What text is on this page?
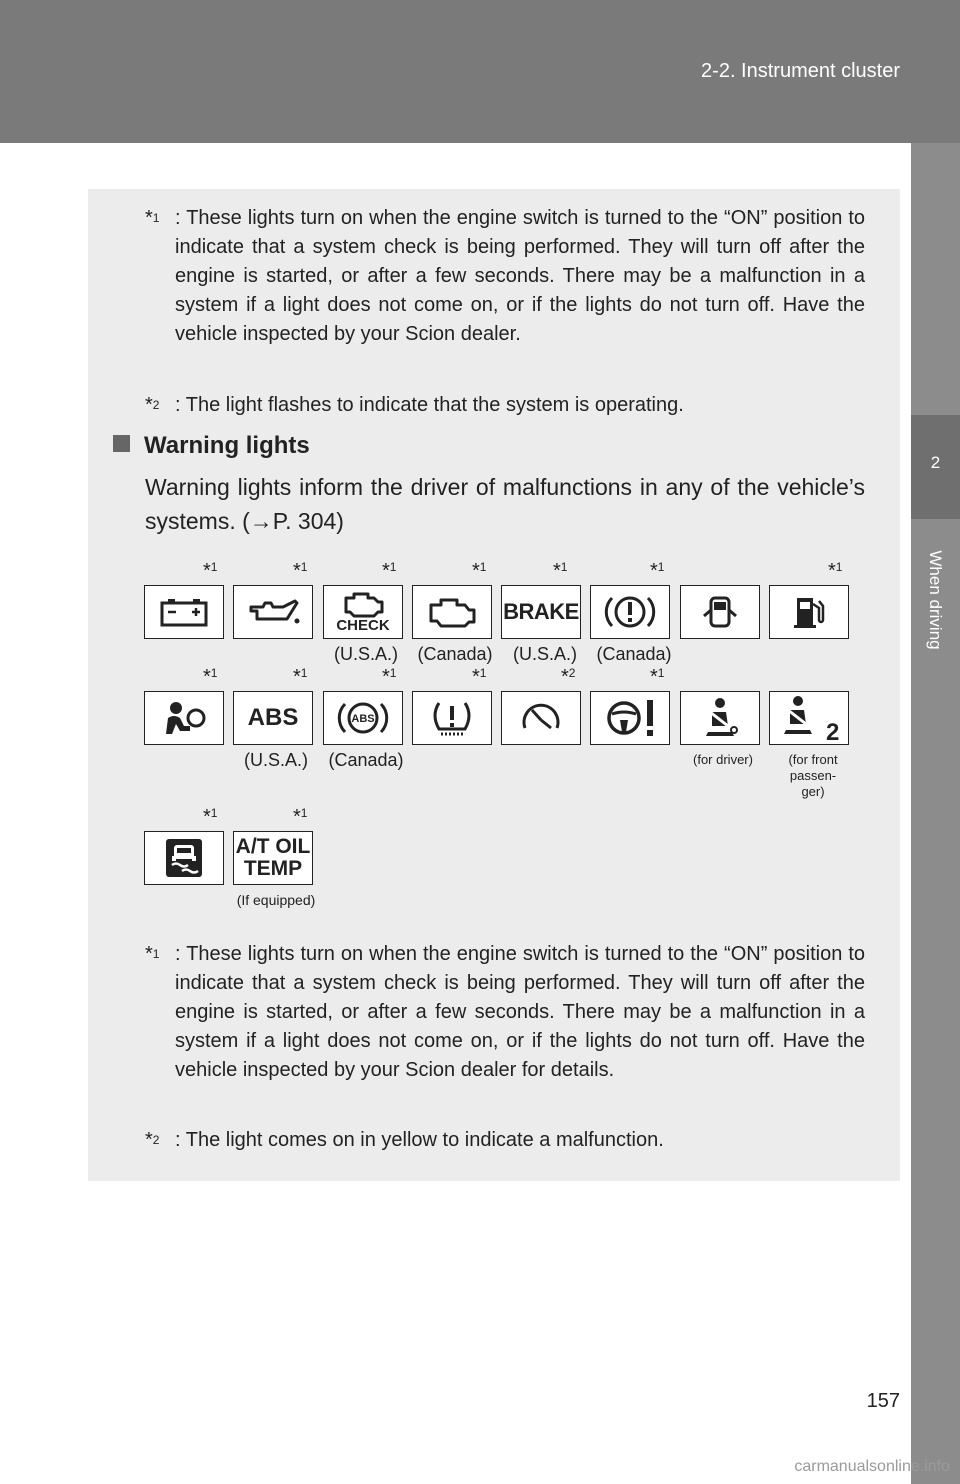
2-2. Instrument cluster
2
When driving
*$^1$ : These lights turn on when the engine switch is turned to the “ON” position to indicate that a system check is being performed. They will turn off after the engine is started, or after a few seconds. There may be a malfunction in a system if a light does not come on, or if the lights do not turn off. Have the vehicle inspected by your Scion dealer.
*$^2$ : The light flashes to indicate that the system is operating.
Warning lights
Warning lights inform the driver of malfunctions in any of the vehicle’s systems. (→P. 304)
*$^1$	*$^1$	*$^1$	*$^1$	*$^1$	*$^1$	*$^1$
CHECK
BRAKE
(U.S.A.) (Canada) (U.S.A.) (Canada)
*$^1$	*$^1$	*$^1$	*$^1$	*$^2$	*$^1$
ABS	ABS	2
(U.S.A.) (Canada)	(for driver)	(for front passen- ger)
*$^1$	*$^1$
A/T OIL
TEMP
(If equipped)
*$^1$ : These lights turn on when the engine switch is turned to the “ON” position to indicate that a system check is being performed. They will turn off after the engine is started, or after a few seconds. There may be a malfunction in a system if a light does not come on, or if the lights do not turn off. Have the vehicle inspected by your Scion dealer for details.
*$^2$ : The light comes on in yellow to indicate a malfunction.
157
carmanualsonline.info
